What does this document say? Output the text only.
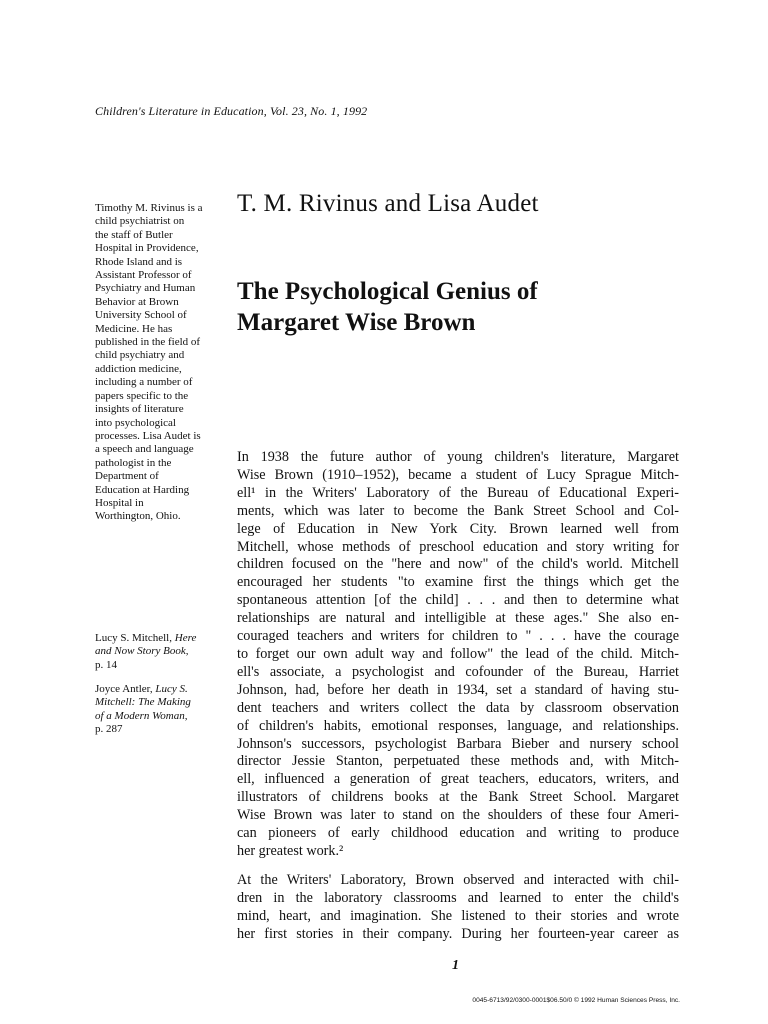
Children's Literature in Education, Vol. 23, No. 1, 1992
Timothy M. Rivinus is a
child psychiatrist on
the staff of Butler
Hospital in Providence,
Rhode Island and is
Assistant Professor of
Psychiatry and Human
Behavior at Brown
University School of
Medicine. He has
published in the field of
child psychiatry and
addiction medicine,
including a number of
papers specific to the
insights of literature
into psychological
processes. Lisa Audet is
a speech and language
pathologist in the
Department of
Education at Harding
Hospital in
Worthington, Ohio.
Lucy S. Mitchell, Here
and Now Story Book,
p. 14
Joyce Antler, Lucy S.
Mitchell: The Making
of a Modern Woman,
p. 287
T. M. Rivinus and Lisa Audet
The Psychological Genius of
Margaret Wise Brown
In 1938 the future author of young children's literature, Margaret
Wise Brown (1910–1952), became a student of Lucy Sprague Mitch-
ell¹ in the Writers' Laboratory of the Bureau of Educational Experi-
ments, which was later to become the Bank Street School and Col-
lege of Education in New York City. Brown learned well from
Mitchell, whose methods of preschool education and story writing for
children focused on the "here and now" of the child's world. Mitchell
encouraged her students "to examine first the things which get the
spontaneous attention [of the child] . . . and then to determine what
relationships are natural and intelligible at these ages." She also en-
couraged teachers and writers for children to " . . . have the courage
to forget our own adult way and follow" the lead of the child. Mitch-
ell's associate, a psychologist and cofounder of the Bureau, Harriet
Johnson, had, before her death in 1934, set a standard of having stu-
dent teachers and writers collect the data by classroom observation
of children's habits, emotional responses, language, and relationships.
Johnson's successors, psychologist Barbara Bieber and nursery school
director Jessie Stanton, perpetuated these methods and, with Mitch-
ell, influenced a generation of great teachers, educators, writers, and
illustrators of childrens books at the Bank Street School. Margaret
Wise Brown was later to stand on the shoulders of these four Ameri-
can pioneers of early childhood education and writing to produce
her greatest work.²
At the Writers' Laboratory, Brown observed and interacted with chil-
dren in the laboratory classrooms and learned to enter the child's
mind, heart, and imagination. She listened to their stories and wrote
her first stories in their company. During her fourteen-year career as
1
0045-6713/92/0300-0001$06.50/0 © 1992 Human Sciences Press, Inc.
